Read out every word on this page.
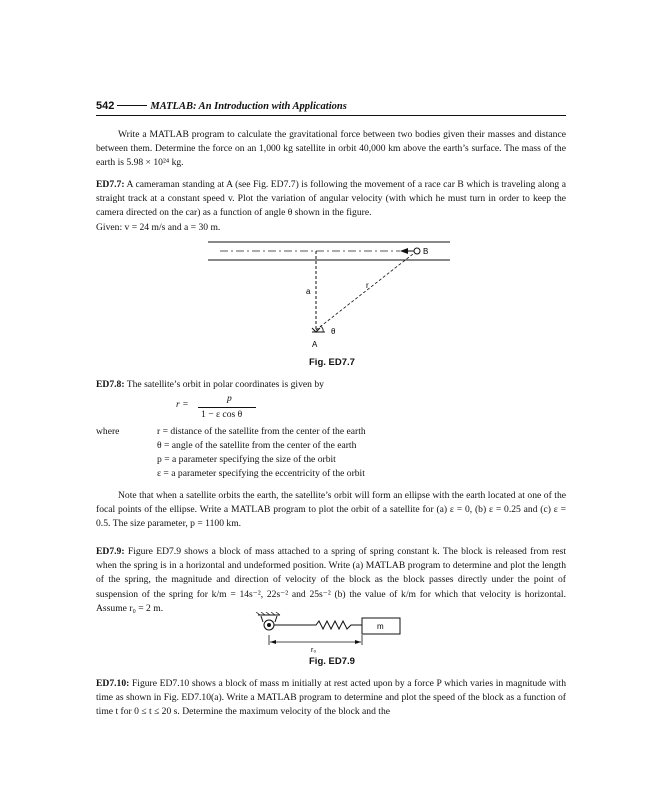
542	MATLAB: An Introduction with Applications
Write a MATLAB program to calculate the gravitational force between two bodies given their masses and distance between them. Determine the force on an 1,000 kg satellite in orbit 40,000 km above the earth’s surface. The mass of the earth is 5.98 × 10²⁴ kg.
ED7.7: A cameraman standing at A (see Fig. ED7.7) is following the movement of a race car B which is traveling along a straight track at a constant speed v. Plot the variation of angular velocity (with which he must turn in order to keep the camera directed on the car) as a function of angle θ shown in the figure.
Given: v = 24 m/s and a = 30 m.
B
a
r
θ
A
Fig. ED7.7
ED7.8: The satellite’s orbit in polar coordinates is given by
r =
p
1 − ε cos θ
where	r = distance of the satellite from the center of the earth
θ = angle of the satellite from the center of the earth
p = a parameter specifying the size of the orbit
ε = a parameter specifying the eccentricity of the orbit
Note that when a satellite orbits the earth, the satellite’s orbit will form an ellipse with the earth located at one of the focal points of the ellipse. Write a MATLAB program to plot the orbit of a satellite for (a) ε = 0, (b) ε = 0.25 and (c) ε = 0.5. The size parameter, p = 1100 km.
ED7.9: Figure ED7.9 shows a block of mass attached to a spring of spring constant k. The block is released from rest when the spring is in a horizontal and undeformed position. Write (a) MATLAB program to determine and plot the length of the spring, the magnitude and direction of velocity of the block as the block passes directly under the point of suspension of the spring for k/m = 14s⁻², 22s⁻² and 25s⁻² (b) the value of k/m for which that velocity is horizontal. Assume r₀ = 2 m.
m
r₀
Fig. ED7.9
ED7.10: Figure ED7.10 shows a block of mass m initially at rest acted upon by a force P which varies in magnitude with time as shown in Fig. ED7.10(a). Write a MATLAB program to determine and plot the speed of the block as a function of time t for 0 ≤ t ≤ 20 s. Determine the maximum velocity of the block and the
